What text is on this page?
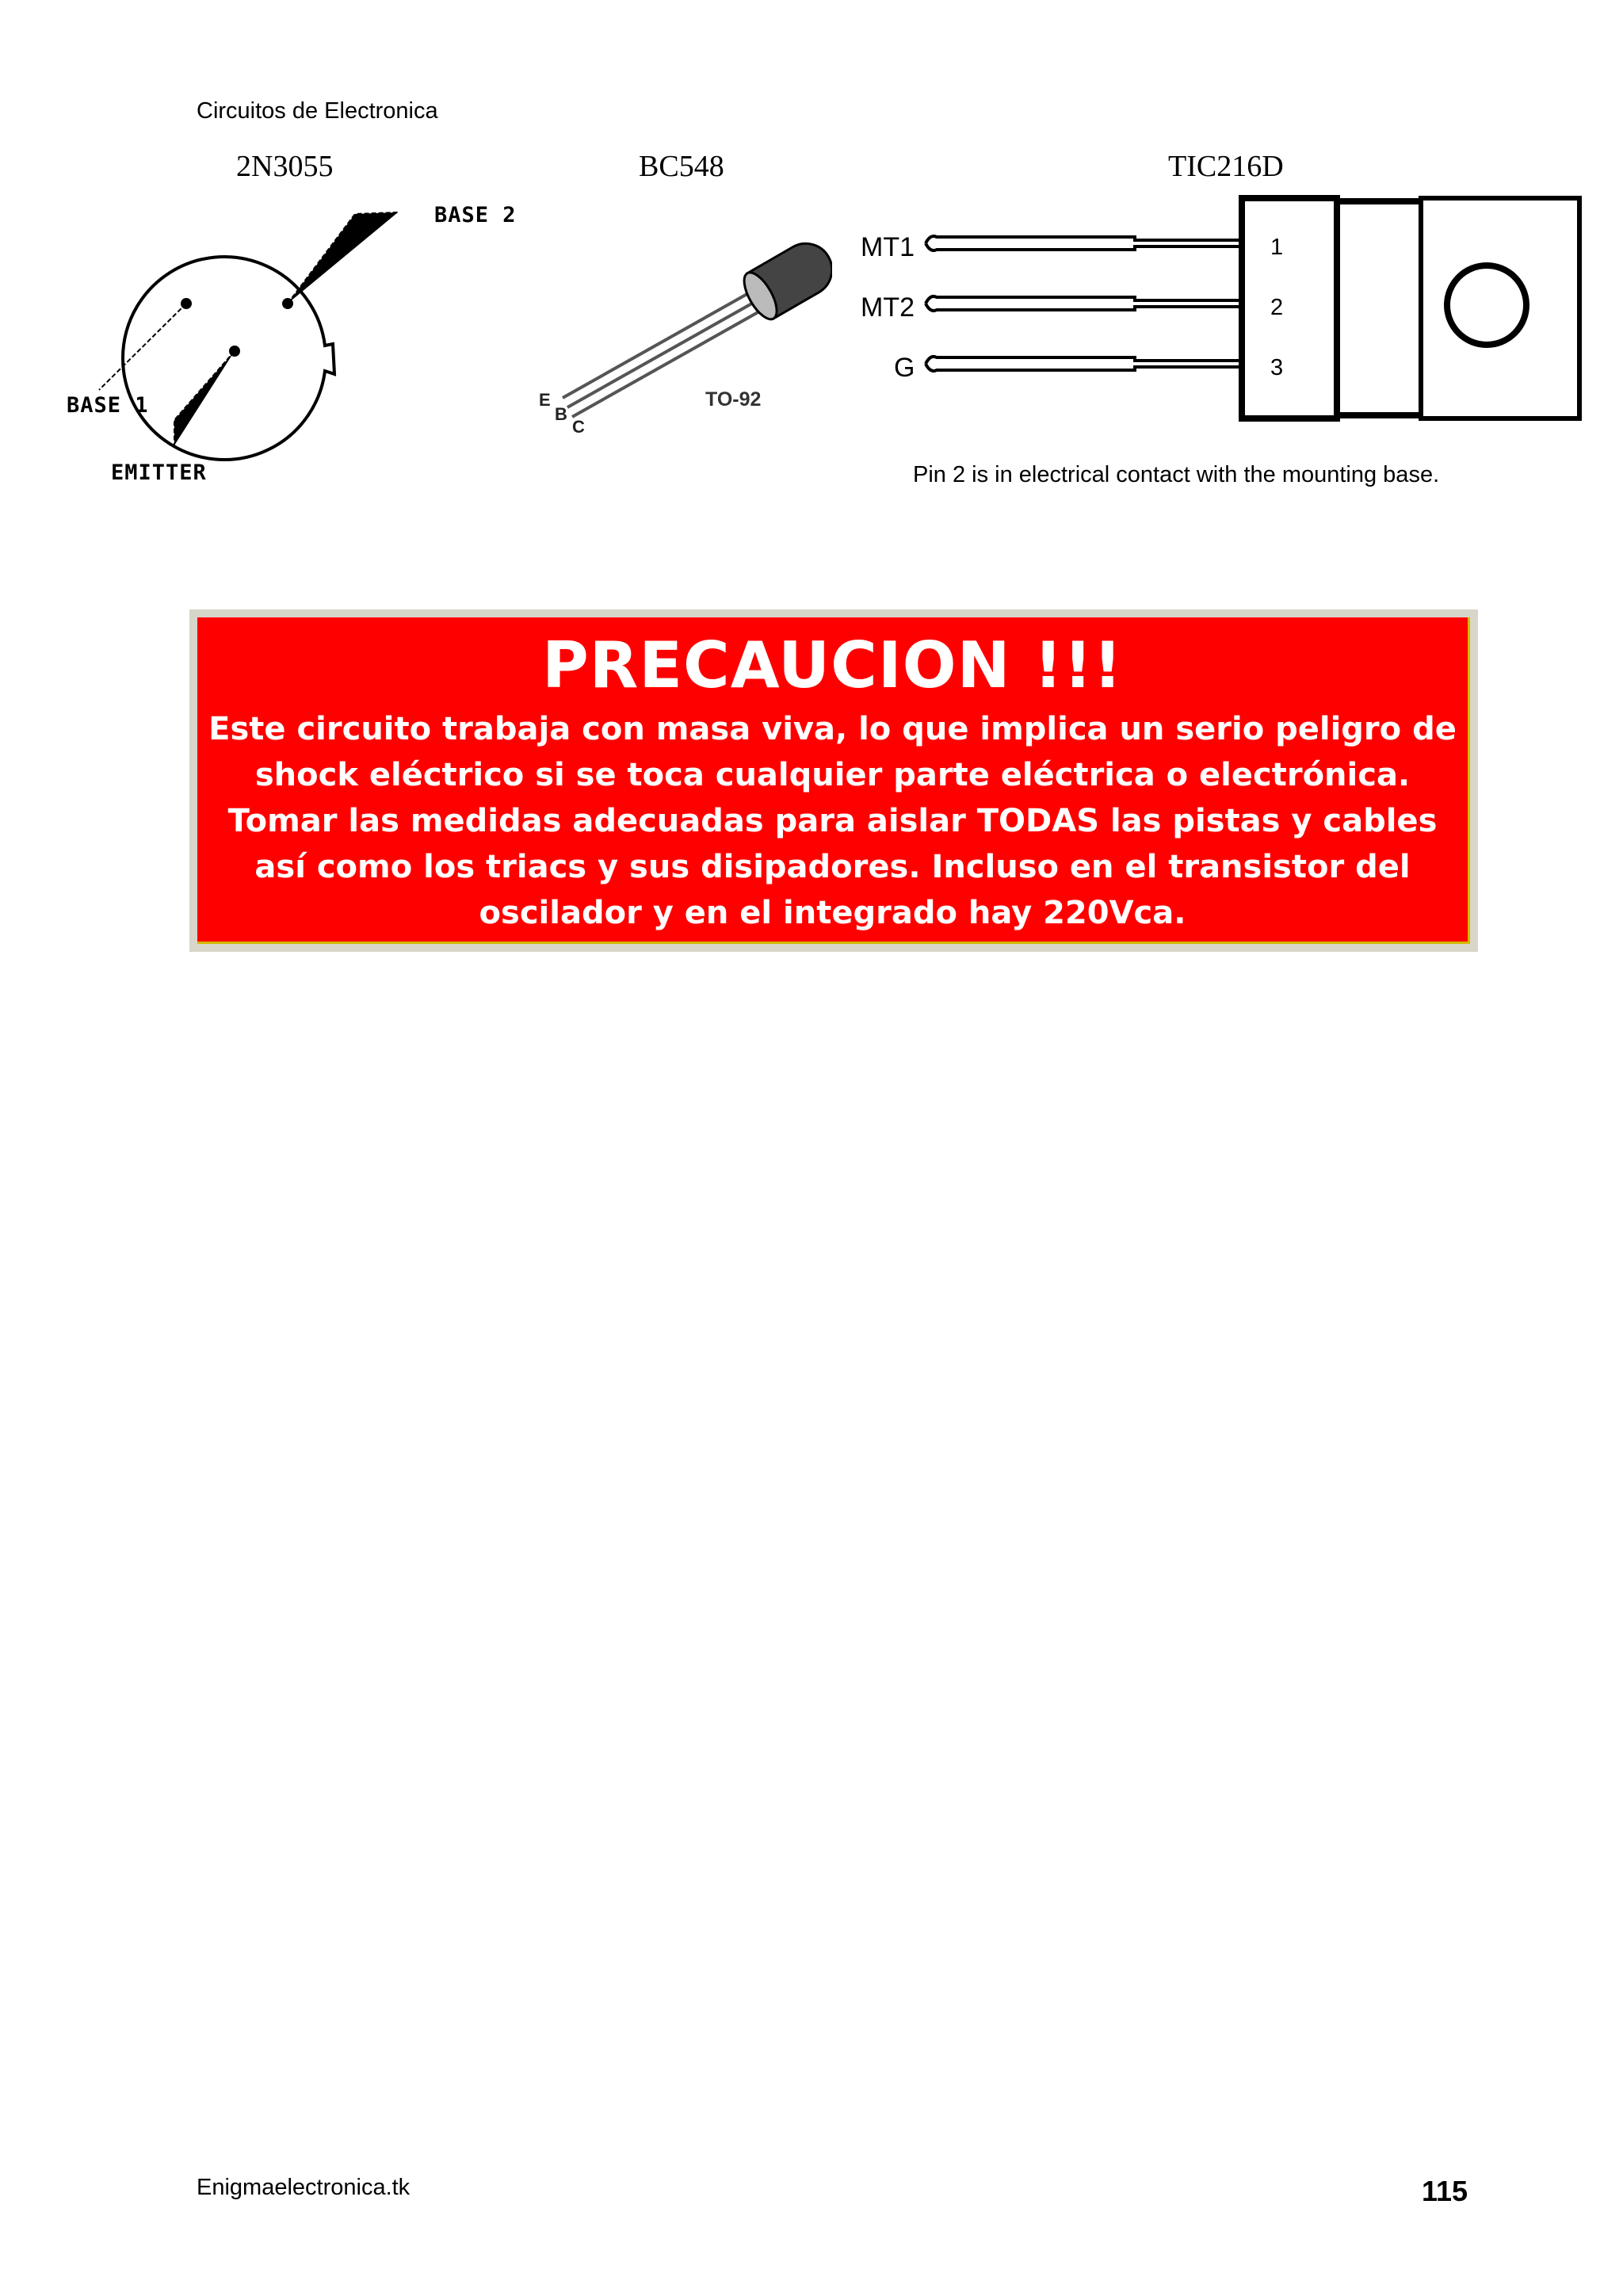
Circuitos de Electronica
2N3055	BC548	TIC216D
BASE 2
BASE 1
EMITTER
E
B
C
TO-92
MT1
MT2
G
1
2
3
Pin 2 is in electrical contact with the mounting base.
PRECAUCION !!!
Este circuito trabaja con masa viva, lo que implica un serio peligro de
shock eléctrico si se toca cualquier parte eléctrica o electrónica.
Tomar las medidas adecuadas para aislar TODAS las pistas y cables
así como los triacs y sus disipadores. Incluso en el transistor del
oscilador y en el integrado hay 220Vca.
Enigmaelectronica.tk	115
